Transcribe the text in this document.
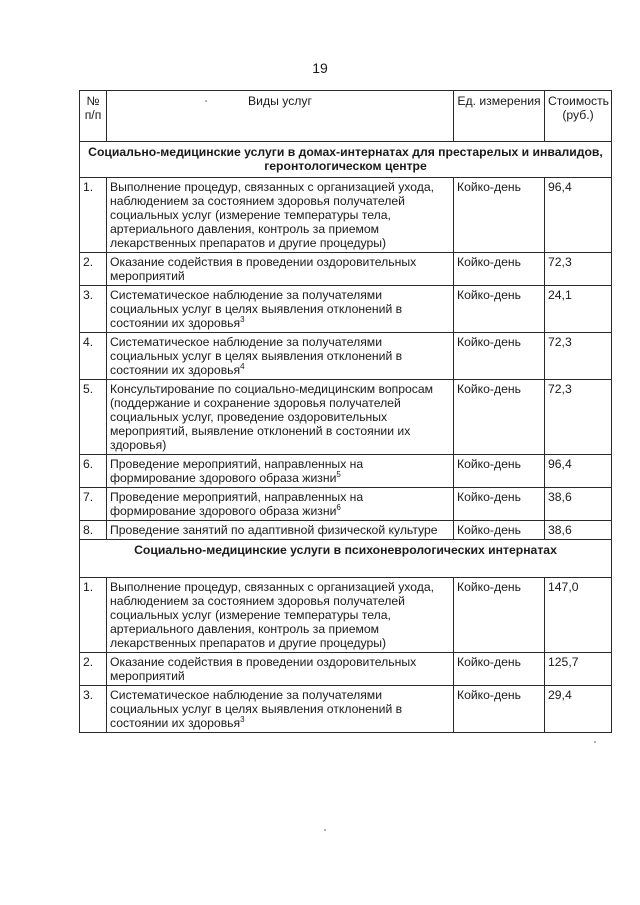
19
№ п/п	Виды услуг	Ед. измерения	Стоимость (руб.)
Социально-медицинские услуги в домах-интернатах для престарелых и инвалидов, геронтологическом центре			
1.	Выполнение процедур, связанных с организацией ухода, наблюдением за состоянием здоровья получателей социальных услуг (измерение температуры тела, артериального давления, контроль за приемом лекарственных препаратов и другие процедуры)	Койко-день	96,4
2.	Оказание содействия в проведении оздоровительных мероприятий	Койко-день	72,3
3.	Систематическое наблюдение за получателями социальных услуг в целях выявления отклонений в состоянии их здоровья$^3$	Койко-день	24,1
4.	Систематическое наблюдение за получателями социальных услуг в целях выявления отклонений в состоянии их здоровья$^4$	Койко-день	72,3
5.	Консультирование по социально-медицинским вопросам (поддержание и сохранение здоровья получателей социальных услуг, проведение оздоровительных мероприятий, выявление отклонений в состоянии их здоровья)	Койко-день	72,3
6.	Проведение мероприятий, направленных на формирование здорового образа жизни$^5$	Койко-день	96,4
7.	Проведение мероприятий, направленных на формирование здорового образа жизни$^6$	Койко-день	38,6
8.	Проведение занятий по адаптивной физической культуре	Койко-день	38,6
Социально-медицинские услуги в психоневрологических интернатах			
1.	Выполнение процедур, связанных с организацией ухода, наблюдением за состоянием здоровья получателей социальных услуг (измерение температуры тела, артериального давления, контроль за приемом лекарственных препаратов и другие процедуры)	Койко-день	147,0
2.	Оказание содействия в проведении оздоровительных мероприятий	Койко-день	125,7
3.	Систематическое наблюдение за получателями социальных услуг в целях выявления отклонений в состоянии их здоровья$^3$	Койко-день	29,4
